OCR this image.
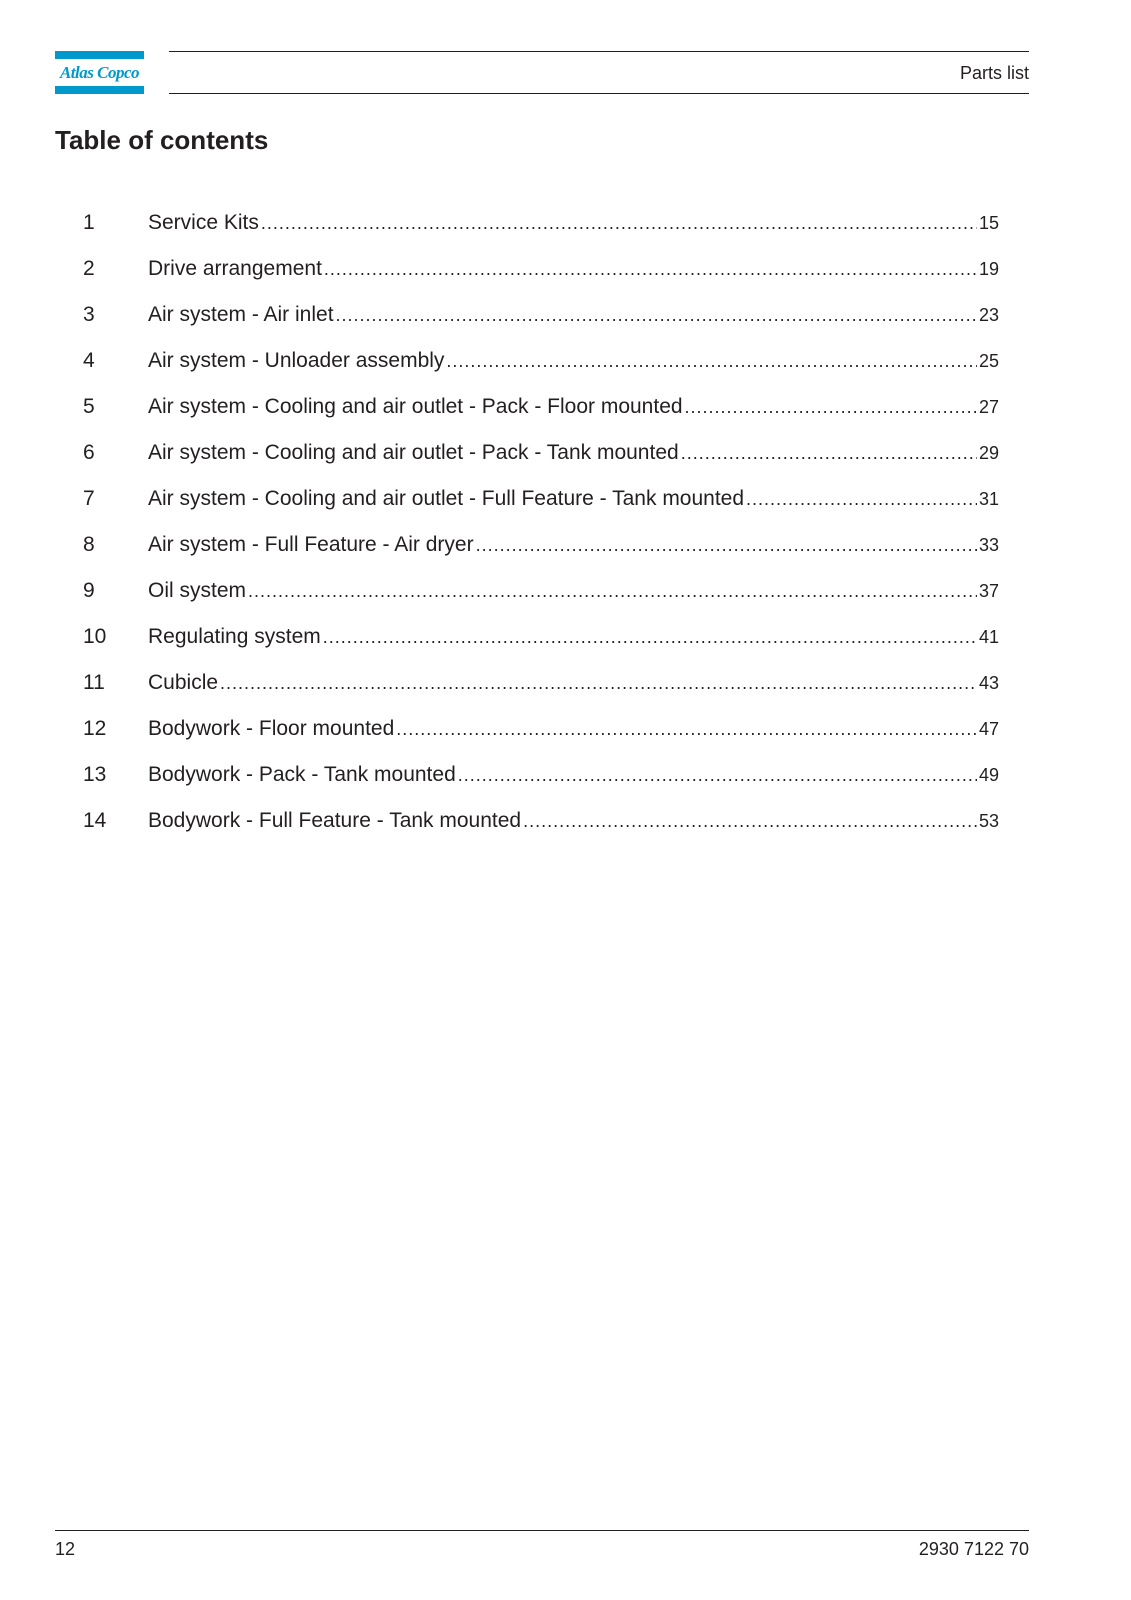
Atlas Copco	Parts list
Table of contents
1	Service Kits .....	15
2	Drive arrangement .....	19
3	Air system - Air inlet .....	23
4	Air system - Unloader assembly .....	25
5	Air system - Cooling and air outlet - Pack - Floor mounted .....	27
6	Air system - Cooling and air outlet - Pack - Tank mounted .....	29
7	Air system - Cooling and air outlet - Full Feature - Tank mounted .....	31
8	Air system - Full Feature - Air dryer .....	33
9	Oil system .....	37
10	Regulating system .....	41
11	Cubicle .....	43
12	Bodywork - Floor mounted .....	47
13	Bodywork - Pack - Tank mounted .....	49
14	Bodywork - Full Feature - Tank mounted .....	53
12	2930 7122 70
